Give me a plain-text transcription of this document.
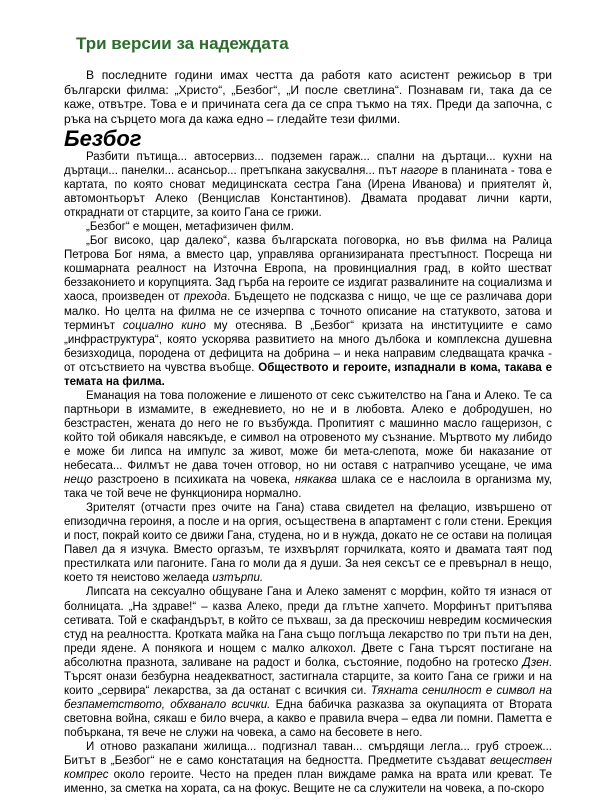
Три версии за надеждата

В последните години имах честта да работя като асистент режисьор в три български филма: „Христо“, „Безбог“, „И после светлина“. Познавам ги, така да се каже, отвътре. Това е и причината сега да се спра тъкмо на тях. Преди да започна, с ръка на сърцето мога да кажа едно – гледайте тези филми.

Безбог

Разбити пътища... автосервиз... подземен гараж... спални на дъртаци... кухни на дъртаци... панелки... асансьор... претъпкана закусвалня... път нагоре в планината - това е картата, по която сноват медицинската сестра Гана (Ирена Иванова) и приятелят ѝ, автомонтьорът Алеко (Венцислав Константинов). Двамата продават лични карти, откраднати от старците, за които Гана се грижи.

„Безбог“ е мощен, метафизичен филм.

„Бог високо, цар далеко“, казва българската поговорка, но във филма на Ралица Петрова Бог няма, а вместо цар, управлява организираната престъпност. Посреща ни кошмарната реалност на Източна Европа, на провинциалния град, в който шестват беззаконието и корупцията. Зад гърба на героите се издигат развалините на социализма и хаоса, произведен от прехода. Бъдещето не подсказва с нищо, че ще се различава дори малко. Но целта на филма не се изчерпва с точното описание на статуквото, затова и терминът социално кино му отеснява. В „Безбог“ кризата на институциите е само „инфраструктура“, която ускорява развитието на много дълбока и комплексна душевна безизходица, породена от дефицита на добрина – и нека направим следващата крачка - от отсъствието на чувства въобще. Обществото и героите, изпаднали в кома, такава е темата на филма.

Еманация на това положение е лишеното от секс съжителство на Гана и Алеко. Те са партньори в измамите, в ежедневието, но не и в любовта. Алеко е добродушен, но безстрастен, жената до него не го възбужда. Пропитият с машинно масло гащеризон, с който той обикаля навсякъде, е символ на отровеното му съзнание. Мъртвото му либидо е може би липса на импулс за живот, може би мета-слепота, може би наказание от небесата... Филмът не дава точен отговор, но ни оставя с натрапчиво усещане, че има нещо разстроено в психиката на човека, някаква шлака се е наслоила в организма му, така че той вече не функционира нормално.

Зрителят (отчасти през очите на Гана) става свидетел на фелацио, извършено от епизодична героиня, а после и на оргия, осъществена в апартамент с голи стени. Ерекция и пост, покрай които се движи Гана, студена, но и в нужда, докато не се остави на полицая Павел да я изчука. Вместо оргазъм, те изхвърлят горчилката, която и двамата таят под престилката или пагоните. Гана го моли да я души. За нея сексът се е превърнал в нещо, което тя неистово желаеда изтърпи.

Липсата на сексуално общуване Гана и Алеко заменят с морфин, който тя изнася от болницата. „На здраве!“ – казва Алеко, преди да глътне хапчето. Морфинът притъпява сетивата. Той е скафандърът, в който се пъхваш, за да прескочиш невредим космическия студ на реалността. Кротката майка на Гана също поглъща лекарство по три пъти на ден, преди ядене. А понякога и нощем с малко алкохол. Двете с Гана търсят постигане на абсолютна празнота, заливане на радост и болка, състояние, подобно на гротеско Дзен. Търсят онази безбурна неадекватност, застигнала старците, за които Гана се грижи и на които „сервира“ лекарства, за да останат с всичкия си. Тяхната сенилност е символ на безпаметството, обхванало всички. Една бабичка разказва за окупацията от Втората световна война, сякаш е било вчера, а какво е правила вчера – едва ли помни. Паметта е побъркана, тя вече не служи на човека, а само на бесовете в него.

И отново разкапани жилища... подгизнал таван... смърдящи легла... груб строеж... Битът в „Безбог“ не е само констатация на бедността. Предметите създават веществен компрес около героите. Често на преден план виждаме рамка на врата или креват. Те именно, за сметка на хората, са на фокус. Вещите не са служители на човека, а по-скоро
